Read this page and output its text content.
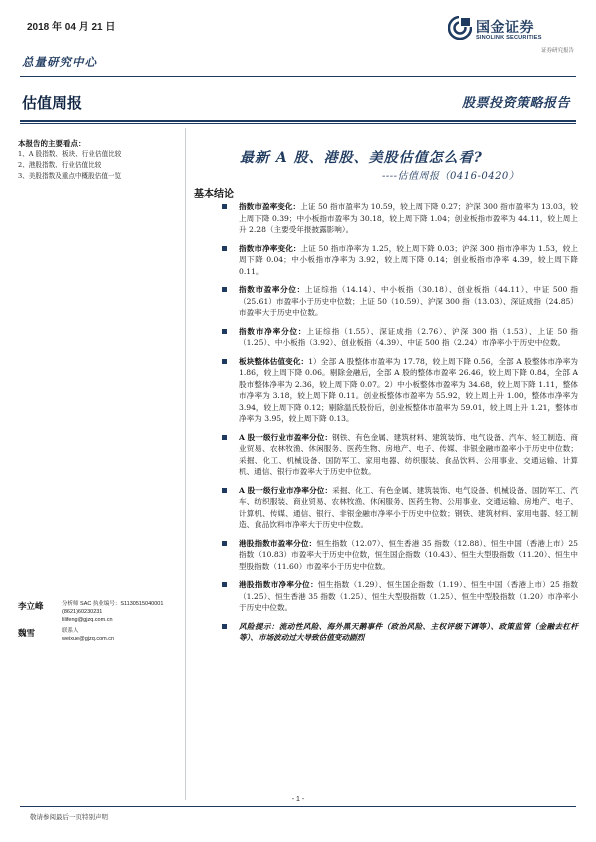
2018 年 04 月 21 日	国金证券
SINOLINK SECURITIES
证券研究报告
总量研究中心
估值周报	股票投资策略报告
本报告的主要看点：
1、A 股指数、板块、行业估值比较
2、港股指数、行业估值比较
3、美股指数及重点中概股估值一览
最新 A 股、港股、美股估值怎么看?
----估值周报（0416-0420）
基本结论
指数市盈率变化：上证 50 指市盈率为 10.59，较上周下降 0.27；沪深 300 指市盈率为 13.03，较上周下降 0.39；中小板指市盈率为 30.18，较上周下降 1.04；创业板指市盈率为 44.11，较上周上升 2.28（主要受年报披露影响）。
指数市净率变化：上证 50 指市净率为 1.25，较上周下降 0.03；沪深 300 指市净率为 1.53，较上周下降 0.04；中小板指市净率为 3.92，较上周下降 0.14；创业板指市净率 4.39，较上周下降 0.11。
指数市盈率分位：上证综指（14.14）、中小板指（30.18）、创业板指（44.11）、中证 500 指（25.61）市盈率小于历史中位数；上证 50（10.59）、沪深 300 指（13.03）、深证成指（24.85）市盈率大于历史中位数。
指数市净率分位：上证综指（1.55）、深证成指（2.76）、沪深 300 指（1.53）、上证 50 指（1.25）、中小板指（3.92）、创业板指（4.39）、中证 500 指（2.24）市净率小于历史中位数。
板块整体估值变化：1）全部 A 股整体市盈率为 17.78，较上周下降 0.56，全部 A 股整体市净率为 1.86，较上周下降 0.06。剔除金融后，全部 A 股的整体市盈率 26.46，较上周下降 0.84，全部 A 股市整体净率为 2.36，较上周下降 0.07。2）中小板整体市盈率为 34.68，较上周下降 1.11，整体市净率为 3.18，较上周下降 0.11。创业板整体市盈率为 55.92，较上周上升 1.00，整体市净率为 3.94，较上周下降 0.12；剔除温氏股份后，创业板整体市盈率为 59.01，较上周上升 1.21，整体市净率为 3.95，较上周下降 0.13。
A 股一级行业市盈率分位：钢铁、有色金属、建筑材料、建筑装饰、电气设备、汽车、轻工制造、商业贸易、农林牧渔、休闲服务、医药生物、房地产、电子、传媒、非银金融市盈率小于历史中位数；采掘、化工、机械设备、国防军工、家用电器、纺织服装、食品饮料、公用事业、交通运输、计算机、通信、银行市盈率大于历史中位数。
A 股一级行业市净率分位：采掘、化工、有色金属、建筑装饰、电气设备、机械设备、国防军工、汽车、纺织服装、商业贸易、农林牧渔、休闲服务、医药生物、公用事业、交通运输、房地产、电子、计算机、传媒、通信、银行、非银金融市净率小于历史中位数；钢铁、建筑材料、家用电器、轻工制造、食品饮料市净率大于历史中位数。
港股指数市盈率分位：恒生指数（12.07）、恒生香港 35 指数（12.88）、恒生中国（香港上市）25 指数（10.83）市盈率大于历史中位数，恒生国企指数（10.43）、恒生大型股指数（11.20）、恒生中型股指数（11.60）市盈率小于历史中位数。
港股指数市净率分位：恒生指数（1.29）、恒生国企指数（1.19）、恒生中国（香港上市）25 指数（1.25）、恒生香港 35 指数（1.25）、恒生大型股指数（1.25）、恒生中型股指数（1.20）市净率小于历史中位数。
风险提示：流动性风险、海外黑天鹅事件（政治风险、主权评级下调等）、政策监管（金融去杠杆等）、市场波动过大导致估值变动剧烈
李立峰	分析师 SAC 执业编号：S1130515040001
(8621)60230231
lilifeng@gjzq.com.cn
魏雪	联系人
weixue@gjzq.com.cn
- 1 -
敬请参阅最后一页特别声明
